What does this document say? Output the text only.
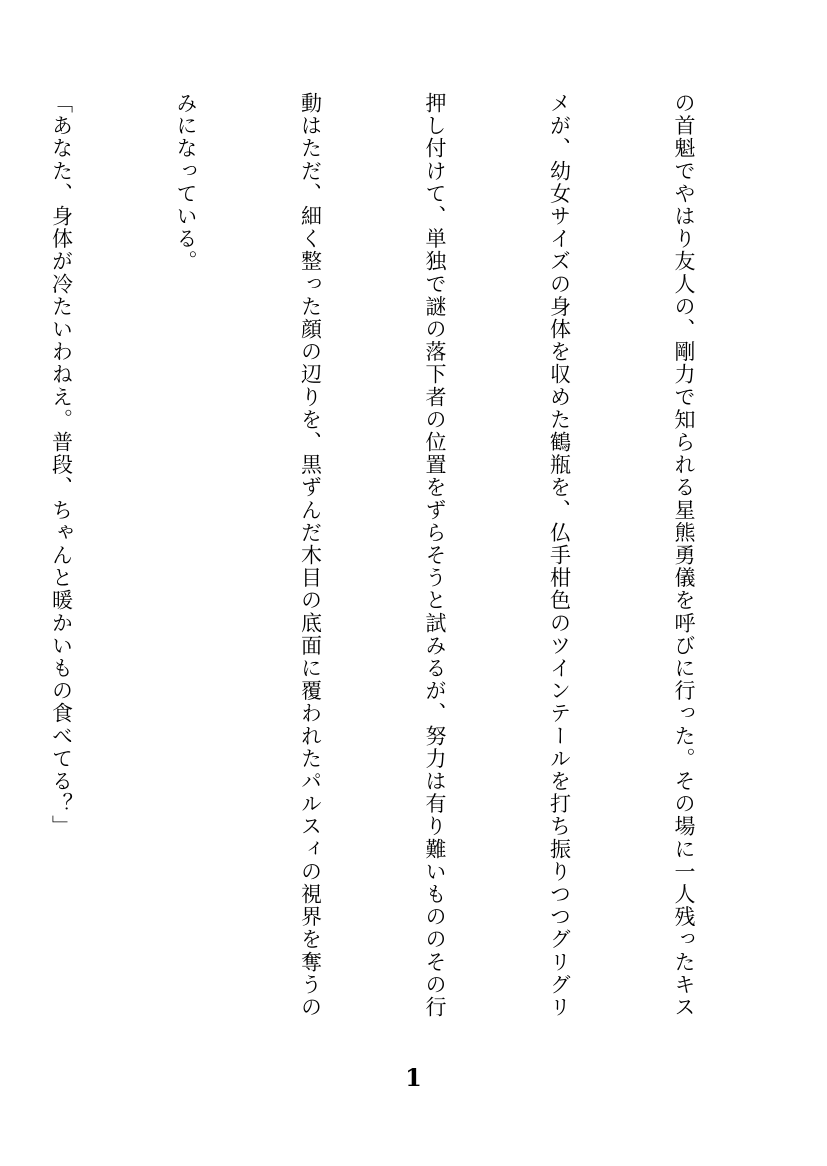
の首魁でやはり友人の、剛力で知られる星熊勇儀を呼びに行った。その場に一人残ったキス

メが、幼女サイズの身体を収めた鶴瓶を、仏手柑色のツインテールを打ち振りつつグリグリ

押し付けて、単独で謎の落下者の位置をずらそうと試みるが、努力は有り難いもののその行

動はただ、細く整った顔の辺りを、黒ずんだ木目の底面に覆われたパルスィの視界を奪うの

みになっている。

「あなた、身体が冷たいわねえ。普段、ちゃんと暖かいもの食べてる？」

1
